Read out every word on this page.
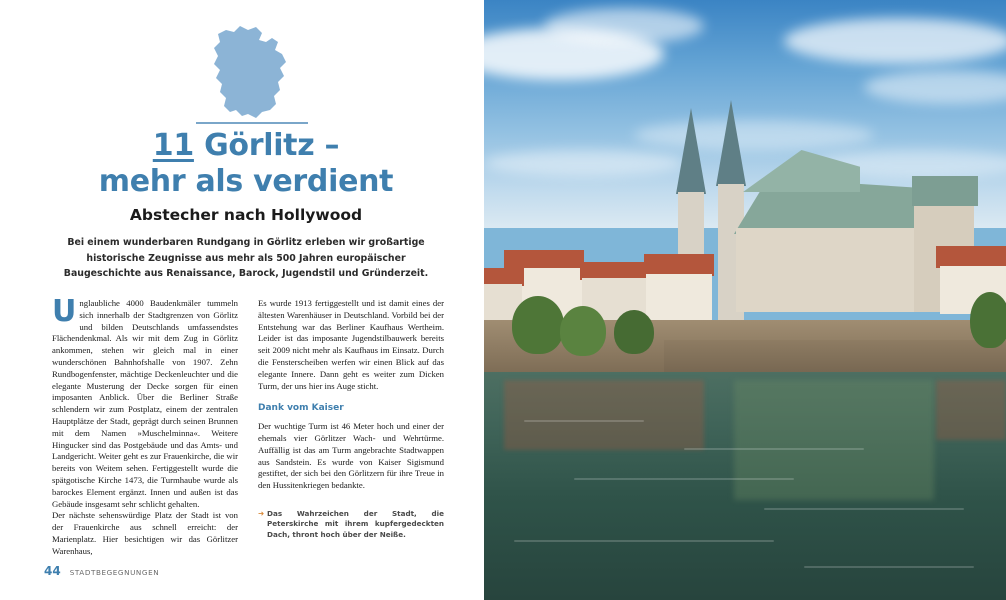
11 Görlitz –
mehr als verdient
Abstecher nach Hollywood
Bei einem wunderbaren Rundgang in Görlitz erleben wir großartige historische Zeugnisse aus mehr als 500 Jahren europäischer Baugeschichte aus Renaissance, Barock, Jugendstil und Gründerzeit.

Unglaubliche 4000 Baudenkmäler tummeln sich innerhalb der Stadtgrenzen von Görlitz und bilden Deutschlands umfassendstes Flächendenkmal. Als wir mit dem Zug in Görlitz ankommen, stehen wir gleich mal in einer wunderschönen Bahnhofshalle von 1907. Zehn Rundbogenfenster, mächtige Deckenleuchter und die elegante Musterung der Decke sorgen für einen imposanten Anblick. Über die Berliner Straße schlendern wir zum Postplatz, einem der zentralen Hauptplätze der Stadt, geprägt durch seinen Brunnen mit dem Namen »Muschelminna«. Weitere Hingucker sind das Postgebäude und das Amts- und Landgericht. Weiter geht es zur Frauenkirche, die wir bereits von Weitem sehen. Fertiggestellt wurde die spätgotische Kirche 1473, die Turmhaube wurde als barockes Element ergänzt. Innen und außen ist das Gebäude insgesamt sehr schlicht gehalten.

Der nächste sehenswürdige Platz der Stadt ist von der Frauenkirche aus schnell erreicht: der Marienplatz. Hier besichtigen wir das Görlitzer Warenhaus,

Es wurde 1913 fertiggestellt und ist damit eines der ältesten Warenhäuser in Deutschland. Vorbild bei der Entstehung war das Berliner Kaufhaus Wertheim. Leider ist das imposante Jugendstilbauwerk bereits seit 2009 nicht mehr als Kaufhaus im Einsatz. Durch die Fensterscheiben werfen wir einen Blick auf das elegante Innere. Dann geht es weiter zum Dicken Turm, der uns hier ins Auge sticht.

Dank vom Kaiser

Der wuchtige Turm ist 46 Meter hoch und einer der ehemals vier Görlitzer Wach- und Wehrtürme. Auffällig ist das am Turm angebrachte Stadtwappen aus Sandstein. Es wurde von Kaiser Sigismund gestiftet, der sich bei den Görlitzern für ihre Treue in den Hussitenkriegen bedankte.

➜ Das Wahrzeichen der Stadt, die Peterskirche mit ihrem kupfergedeckten Dach, thront hoch über der Neiße.
44 STADTBEGEGNUNGEN
